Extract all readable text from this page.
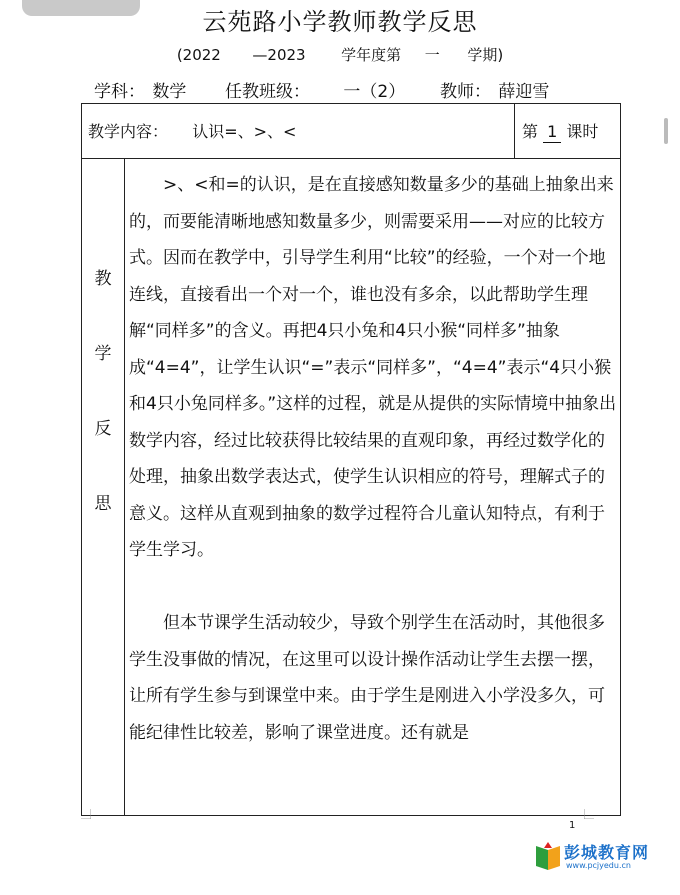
云苑路小学教师教学反思
(2022 —2023 学年度第 一 学期)
学科： 数学 任教班级： 一（2）	教师： 薛迎雪
教学内容： 认识=、>、<	第 1 课时
教
学
反
思

>、<和=的认识，是在直接感知数量多少的基础上抽象出来的，而要能清晰地感知数量多少，则需要采用——对应的比较方式。因而在教学中，引导学生利用“比较”的经验，一个对一个地连线，直接看出一个对一个，谁也没有多余，以此帮助学生理解“同样多”的含义。再把4只小兔和4只小猴“同样多”抽象成“4=4”，让学生认识“=”表示“同样多”，“4=4”表示“4只小猴和4只小兔同样多。”这样的过程，就是从提供的实际情境中抽象出数学内容，经过比较获得比较结果的直观印象，再经过数学化的处理，抽象出数学表达式，使学生认识相应的符号，理解式子的意义。这样从直观到抽象的数学过程符合儿童认知特点，有利于学生学习。

但本节课学生活动较少，导致个别学生在活动时，其他很多学生没事做的情况，在这里可以设计操作活动让学生去摆一摆，让所有学生参与到课堂中来。由于学生是刚进入小学没多久，可能纪律性比较差，影响了课堂进度。还有就是

1
彭城教育网
www.pcjyedu.cn
